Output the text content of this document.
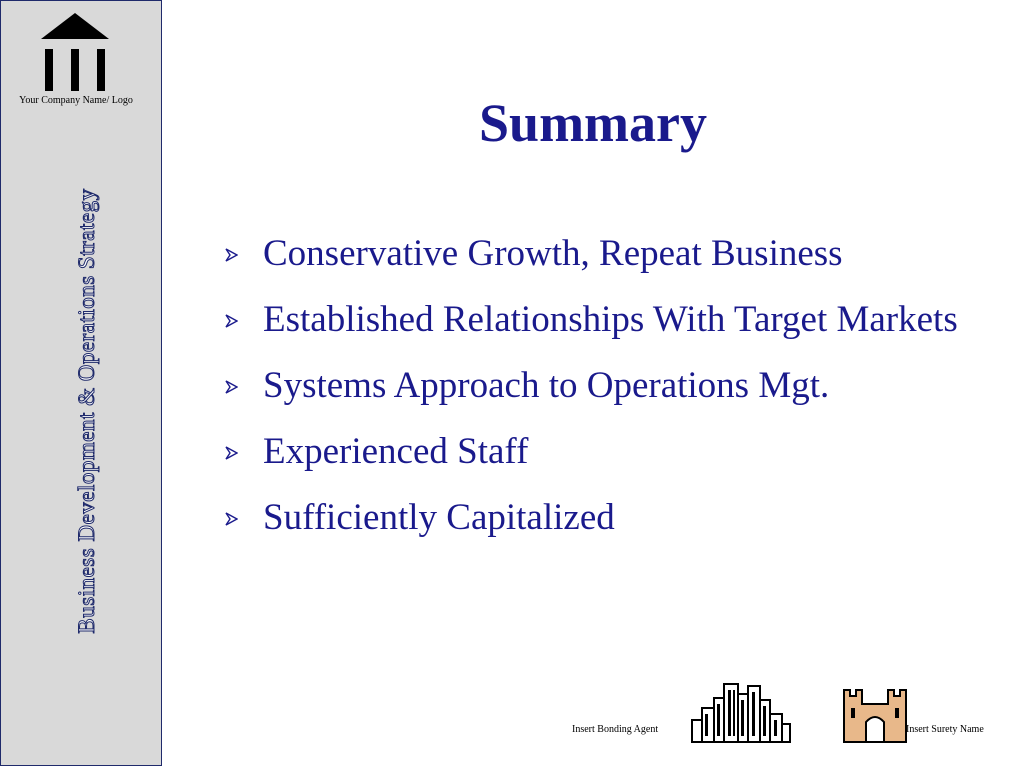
Your Company Name/ Logo
Business Development & Operations Strategy
Summary
Conservative Growth, Repeat Business
Established Relationships With Target Markets
Systems Approach to Operations Mgt.
Experienced Staff
Sufficiently Capitalized
Insert Bonding Agent	Insert Surety Name
